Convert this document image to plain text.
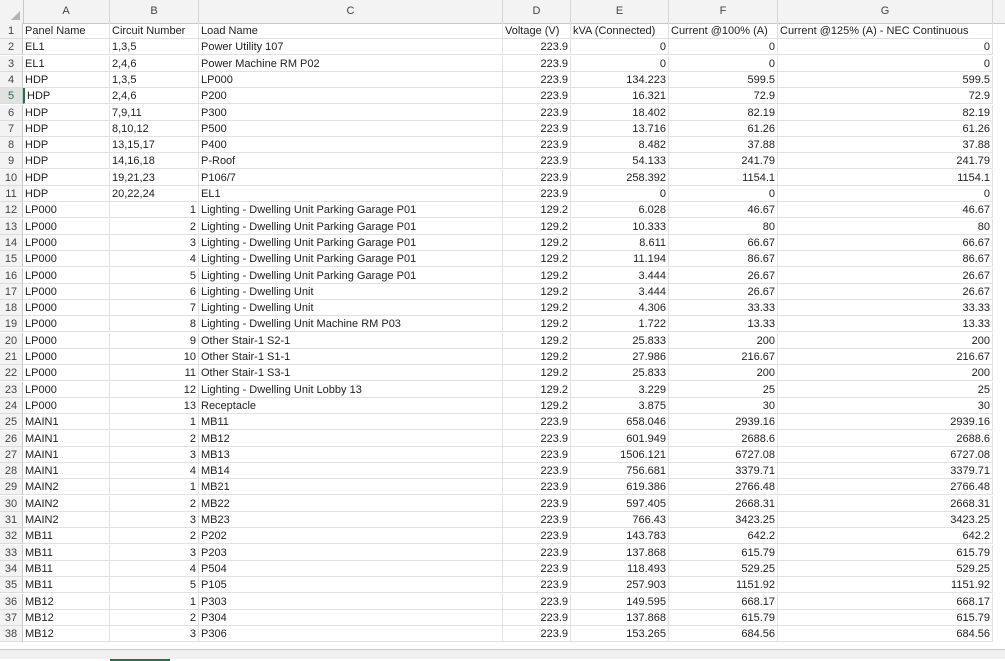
A	B	C	D	E	F	G
1 Panel Name	Circuit Number	Load Name	Voltage (V)	kVA (Connected)	Current @100% (A)	Current @125% (A) - NEC Continuous
2 EL1	1,3,5	Power Utility 107	223.9	0	0	0
3 EL1	2,4,6	Power Machine RM P02	223.9	0	0	0
4 HDP	1,3,5	LP000	223.9	134.223	599.5	599.5
5	HDP	2,4,6	P200	223.9	16.321	72.9	72.9
6 HDP	7,9,11	P300	223.9	18.402	82.19	82.19
7 HDP	8,10,12	P500	223.9	13.716	61.26	61.26
8 HDP	13,15,17	P400	223.9	8.482	37.88	37.88
9 HDP	14,16,18	P-Roof	223.9	54.133	241.79	241.79
10 HDP	19,21,23	P106/7	223.9	258.392	1154.1	1154.1
11 HDP	20,22,24	EL1	223.9	0	0	0
12 LP000	1 Lighting - Dwelling Unit Parking Garage P01	129.2	6.028	46.67	46.67
13 LP000	2 Lighting - Dwelling Unit Parking Garage P01	129.2	10.333	80	80
14 LP000	3 Lighting - Dwelling Unit Parking Garage P01	129.2	8.611	66.67	66.67
15 LP000	4 Lighting - Dwelling Unit Parking Garage P01	129.2	11.194	86.67	86.67
16 LP000	5 Lighting - Dwelling Unit Parking Garage P01	129.2	3.444	26.67	26.67
17 LP000	6 Lighting - Dwelling Unit	129.2	3.444	26.67	26.67
18 LP000	7 Lighting - Dwelling Unit	129.2	4.306	33.33	33.33
19 LP000	8 Lighting - Dwelling Unit Machine RM P03	129.2	1.722	13.33	13.33
20 LP000	9 Other Stair-1 S2-1	129.2	25.833	200	200
21 LP000	10 Other Stair-1 S1-1	129.2	27.986	216.67	216.67
22 LP000	11 Other Stair-1 S3-1	129.2	25.833	200	200
23 LP000	12 Lighting - Dwelling Unit Lobby 13	129.2	3.229	25	25
24 LP000	13 Receptacle	129.2	3.875	30	30
25 MAIN1	1 MB11	223.9	658.046	2939.16	2939.16
26 MAIN1	2 MB12	223.9	601.949	2688.6	2688.6
27 MAIN1	3 MB13	223.9	1506.121	6727.08	6727.08
28 MAIN1	4 MB14	223.9	756.681	3379.71	3379.71
29 MAIN2	1 MB21	223.9	619.386	2766.48	2766.48
30 MAIN2	2 MB22	223.9	597.405	2668.31	2668.31
31 MAIN2	3 MB23	223.9	766.43	3423.25	3423.25
32 MB11	2 P202	223.9	143.783	642.2	642.2
33 MB11	3 P203	223.9	137.868	615.79	615.79
34 MB11	4 P504	223.9	118.493	529.25	529.25
35 MB11	5 P105	223.9	257.903	1151.92	1151.92
36 MB12	1 P303	223.9	149.595	668.17	668.17
37 MB12	2 P304	223.9	137.868	615.79	615.79
38 MB12	3 P306	223.9	153.265	684.56	684.56
